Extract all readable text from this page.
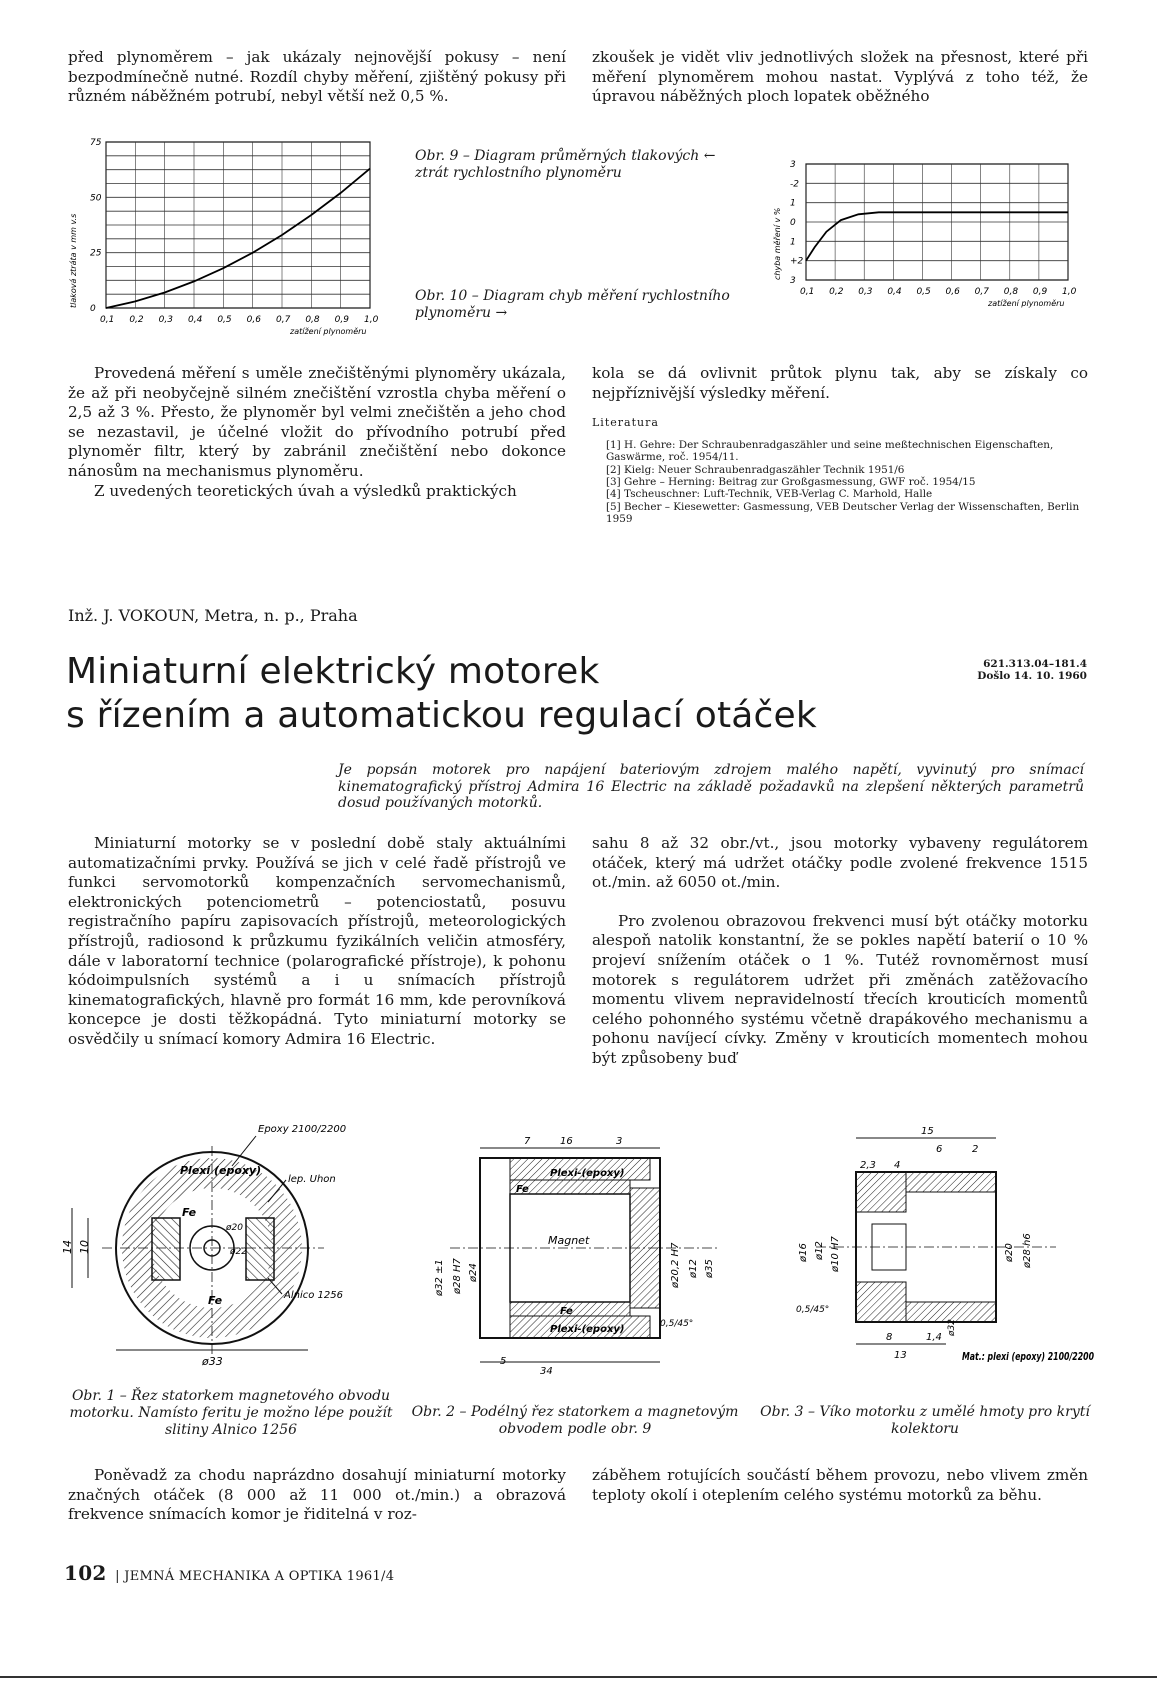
před plynoměrem – jak ukázaly nejnovější pokusy – není bezpodmínečně nutné. Rozdíl chyby měření, zjištěný pokusy při různém náběžném potrubí, nebyl větší než 0,5 %.

zkoušek je vidět vliv jednotlivých složek na přesnost, které při měření plynoměrem mohou nastat. Vyplývá z toho též, že úpravou náběžných ploch lopatek oběžného

0,1 0,2 0,3 0,4 0,5 0,6 0,7 0,8 0,9 1,0
0
25
50
75
zatížení plynoměru
tlaková ztráta v mm v.s
Obr. 9 – Diagram průměrných tlakových ← ztrát rychlostního plynoměru
0,1 0,2 0,3 0,4 0,5 0,6 0,7 0,8 0,9 1,0
3
+2
1
0
1
-2
3
zatížení plynoměru
chyba měření v %
Obr. 10 – Diagram chyb měření rychlostního plynoměru →

Provedená měření s uměle znečištěnými plynoměry ukázala, že až při neobyčejně silném znečištění vzrostla chyba měření o 2,5 až 3 %. Přesto, že plynoměr byl velmi znečištěn a jeho chod se nezastavil, je účelné vložit do přívodního potrubí před plynoměr filtr, který by zabránil znečištění nebo dokonce nánosům na mechanismus plynoměru.

Z uvedených teoretických úvah a výsledků praktických

kola se dá ovlivnit průtok plynu tak, aby se získaly co nejpříznivější výsledky měření.

Literatura

[1] H. Gehre: Der Schraubenradgaszähler und seine meßtechnischen Eigenschaften, Gaswärme, roč. 1954/11.

[2] Kielg: Neuer Schraubenradgaszähler Technik 1951/6

[3] Gehre – Herning: Beitrag zur Großgasmessung, GWF roč. 1954/15

[4] Tscheuschner: Luft-Technik, VEB-Verlag C. Marhold, Halle

[5] Becher – Kiesewetter: Gasmessung, VEB Deutscher Verlag der Wissenschaften, Berlin 1959

Inž. J. VOKOUN, Metra, n. p., Praha
Miniaturní elektrický motorek
s řízením a automatickou regulací otáček
621.313.04–181.4
Došlo 14. 10. 1960
Je popsán motorek pro napájení bateriovým zdrojem malého napětí, vyvinutý pro snímací kinematografický přístroj Admira 16 Electric na základě požadavků na zlepšení některých parametrů dosud používaných motorků.

Miniaturní motorky se v poslední době staly aktuálními automatizačními prvky. Používá se jich v celé řadě přístrojů ve funkci servomotorků kompenzačních servomechanismů, elektronických potenciometrů – potenciostatů, posuvu registračního papíru zapisovacích přístrojů, meteorologických přístrojů, radiosond k průzkumu fyzikálních veličin atmosféry, dále v laboratorní technice (polarografické přístroje), k pohonu kódoimpulsních systémů a i u snímacích přístrojů kinematografických, hlavně pro formát 16 mm, kde perovníková koncepce je dosti těžkopádná. Tyto miniaturní motorky se osvědčily u snímací komory Admira 16 Electric.

sahu 8 až 32 obr./vt., jsou motorky vybaveny regulátorem otáček, který má udržet otáčky podle zvolené frekvence 1515 ot./min. až 6050 ot./min.

Pro zvolenou obrazovou frekvenci musí být otáčky motorku alespoň natolik konstantní, že se pokles napětí baterií o 10 % projeví snížením otáček o 1 %. Tutéž rovnoměrnost musí motorek s regulátorem udržet při změnách zatěžovacího momentu vlivem nepravidelností třecích krouticích momentů celého pohonného systému včetně drapákového mechanismu a pohonu navíjecí cívky. Změny v krouticích momentech mohou být způsobeny buď

14 10
ø33
Epoxy 2100/2200
Plexi (epoxy)
Fe
Fe
lep. Uhon
Alnico 1256
ø22
ø20
Obr. 1 – Řez statorkem magnetového obvodu motorku. Namísto feritu je možno lépe použít slitiny Alnico 1256
Magnet
Plexi-(epoxy)
Plexi-(epoxy)
Fe
Fe
16
34
7	3
5
ø32 ±1 ø28 H7 ø24	ø20,2 H7 ø12 ø35
0,5/45°
Obr. 2 – Podélný řez statorkem a magnetovým obvodem podle obr. 9
15
6	2
2,3 4
8	1,4
13
ø16 ø12 ø10 H7	ø20 ø28 h6
ø32
0,5/45°
Mat.: plexi (epoxy) 2100/2200
Obr. 3 – Víko motorku z umělé hmoty pro krytí kolektoru

Poněvadž za chodu naprázdno dosahují miniaturní motorky značných otáček (8 000 až 11 000 ot./min.) a obrazová frekvence snímacích komor je řiditelná v roz-

záběhem rotujících součástí během provozu, nebo vlivem změn teploty okolí i oteplením celého systému motorků za běhu.

102 | JEMNÁ MECHANIKA A OPTIKA 1961/4
